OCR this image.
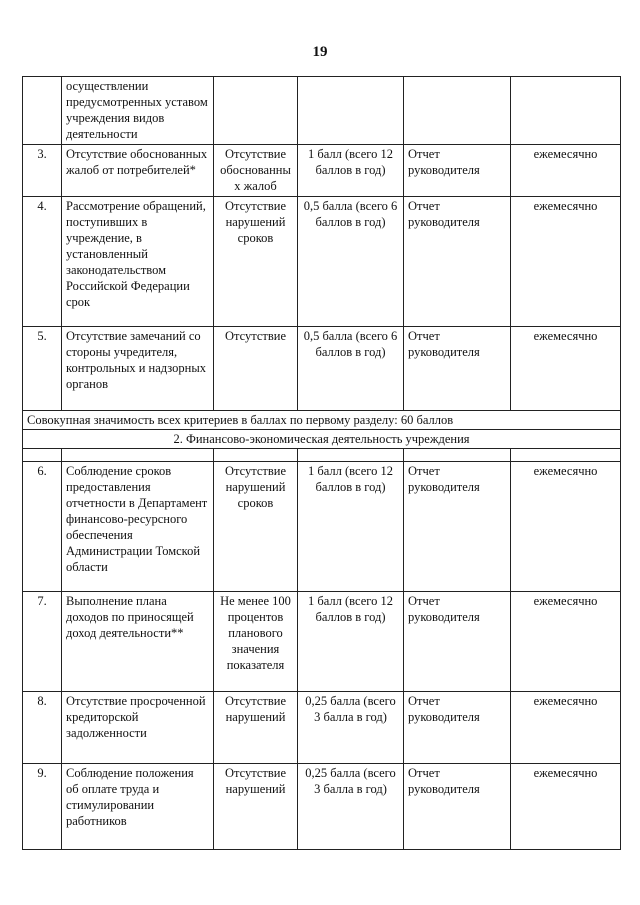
19
	осуществлении предусмотренных уставом учреждения видов деятельности				
3.	Отсутствие обоснованных жалоб от потребителей*	Отсутствие обоснованных жалоб	1 балл (всего 12 баллов в год)	Отчет руководителя	ежемесячно
4.	Рассмотрение обращений, поступивших в учреждение, в установленный законодательством Российской Федерации срок	Отсутствие нарушений сроков	0,5 балла (всего 6 баллов в год)	Отчет руководителя	ежемесячно
5.	Отсутствие замечаний со стороны учредителя, контрольных и надзорных органов	Отсутствие	0,5 балла (всего 6 баллов в год)	Отчет руководителя	ежемесячно
Совокупная значимость всех критериев в баллах по первому разделу: 60 баллов					
2. Финансово-экономическая деятельность учреждения					

6.	Соблюдение сроков предоставления отчетности в Департамент финансово-ресурсного обеспечения Администрации Томской области	Отсутствие нарушений сроков	1 балл (всего 12 баллов в год)	Отчет руководителя	ежемесячно
7.	Выполнение плана доходов по приносящей доход деятельности**	Не менее 100 процентов планового значения показателя	1 балл (всего 12 баллов в год)	Отчет руководителя	ежемесячно
8.	Отсутствие просроченной кредиторской задолженности	Отсутствие нарушений	0,25 балла (всего 3 балла в год)	Отчет руководителя	ежемесячно
9.	Соблюдение положения об оплате труда и стимулировании работников	Отсутствие нарушений	0,25 балла (всего 3 балла в год)	Отчет руководителя	ежемесячно
